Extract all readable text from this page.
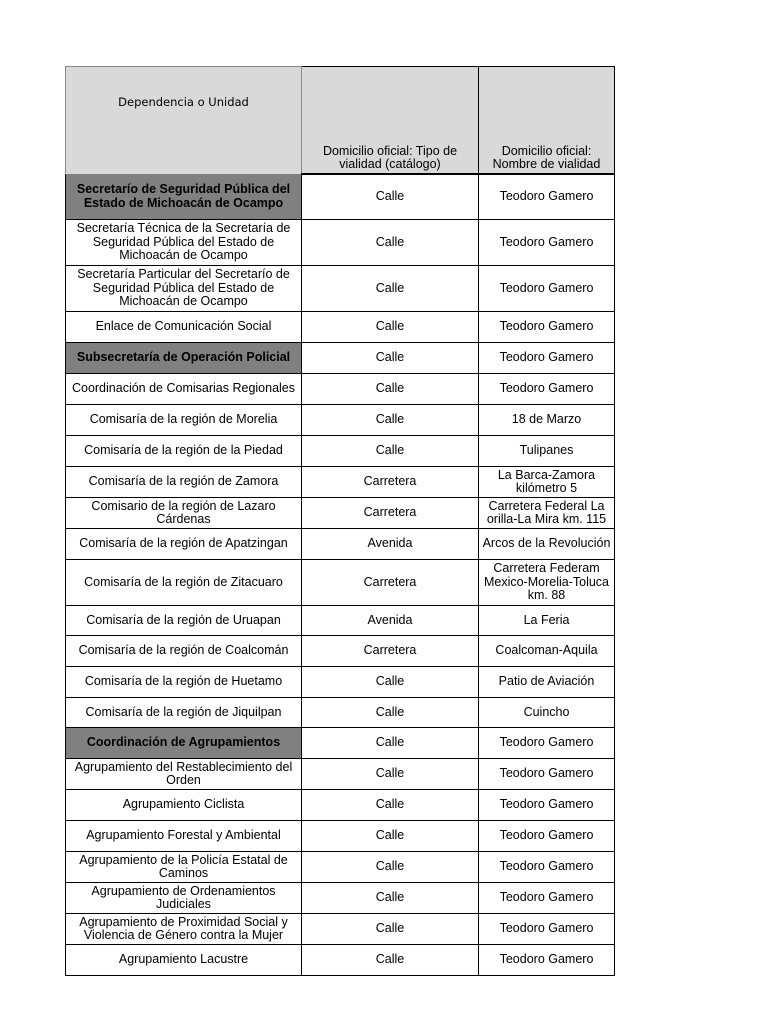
Dependencia o Unidad	Domicilio oficial: Tipo de vialidad (catálogo)	Domicilio oficial: Nombre de vialidad
Secretarío de Seguridad Pública del Estado de Michoacán de Ocampo	Calle	Teodoro Gamero
Secretaría Técnica de la Secretaría de Seguridad Pública del Estado de Michoacán de Ocampo	Calle	Teodoro Gamero
Secretaría Particular del Secretarío de Seguridad Pública del Estado de Michoacán de Ocampo	Calle	Teodoro Gamero
Enlace de Comunicación Social	Calle	Teodoro Gamero
Subsecretaría de Operación Policial	Calle	Teodoro Gamero
Coordinación de Comisarias Regionales	Calle	Teodoro Gamero
Comisaría de la región de Morelia	Calle	18 de Marzo
Comisaría de la región de la Piedad	Calle	Tulipanes
Comisaría de la región de Zamora	Carretera	La Barca-Zamora kilómetro 5
Comisario de la región de Lazaro Cárdenas	Carretera	Carretera Federal La orilla-La Mira km. 115
Comisaría de la región de Apatzingan	Avenida	Arcos de la Revolución
Comisaría de la región de Zitacuaro	Carretera	Carretera Federam Mexico-Morelia-Toluca km. 88
Comisaría de la región de Uruapan	Avenida	La Feria
Comisaría de la región de Coalcomán	Carretera	Coalcoman-Aquila
Comisaría de la región de Huetamo	Calle	Patio de Aviación
Comisaría de la región de Jiquilpan	Calle	Cuincho
Coordinación de Agrupamientos	Calle	Teodoro Gamero
Agrupamiento del Restablecimiento del Orden	Calle	Teodoro Gamero
Agrupamiento Ciclista	Calle	Teodoro Gamero
Agrupamiento Forestal y Ambiental	Calle	Teodoro Gamero
Agrupamiento de la Policía Estatal de Caminos	Calle	Teodoro Gamero
Agrupamiento de Ordenamientos Judiciales	Calle	Teodoro Gamero
Agrupamiento de Proximidad Social y Violencia de Género contra la Mujer	Calle	Teodoro Gamero
Agrupamiento Lacustre	Calle	Teodoro Gamero
